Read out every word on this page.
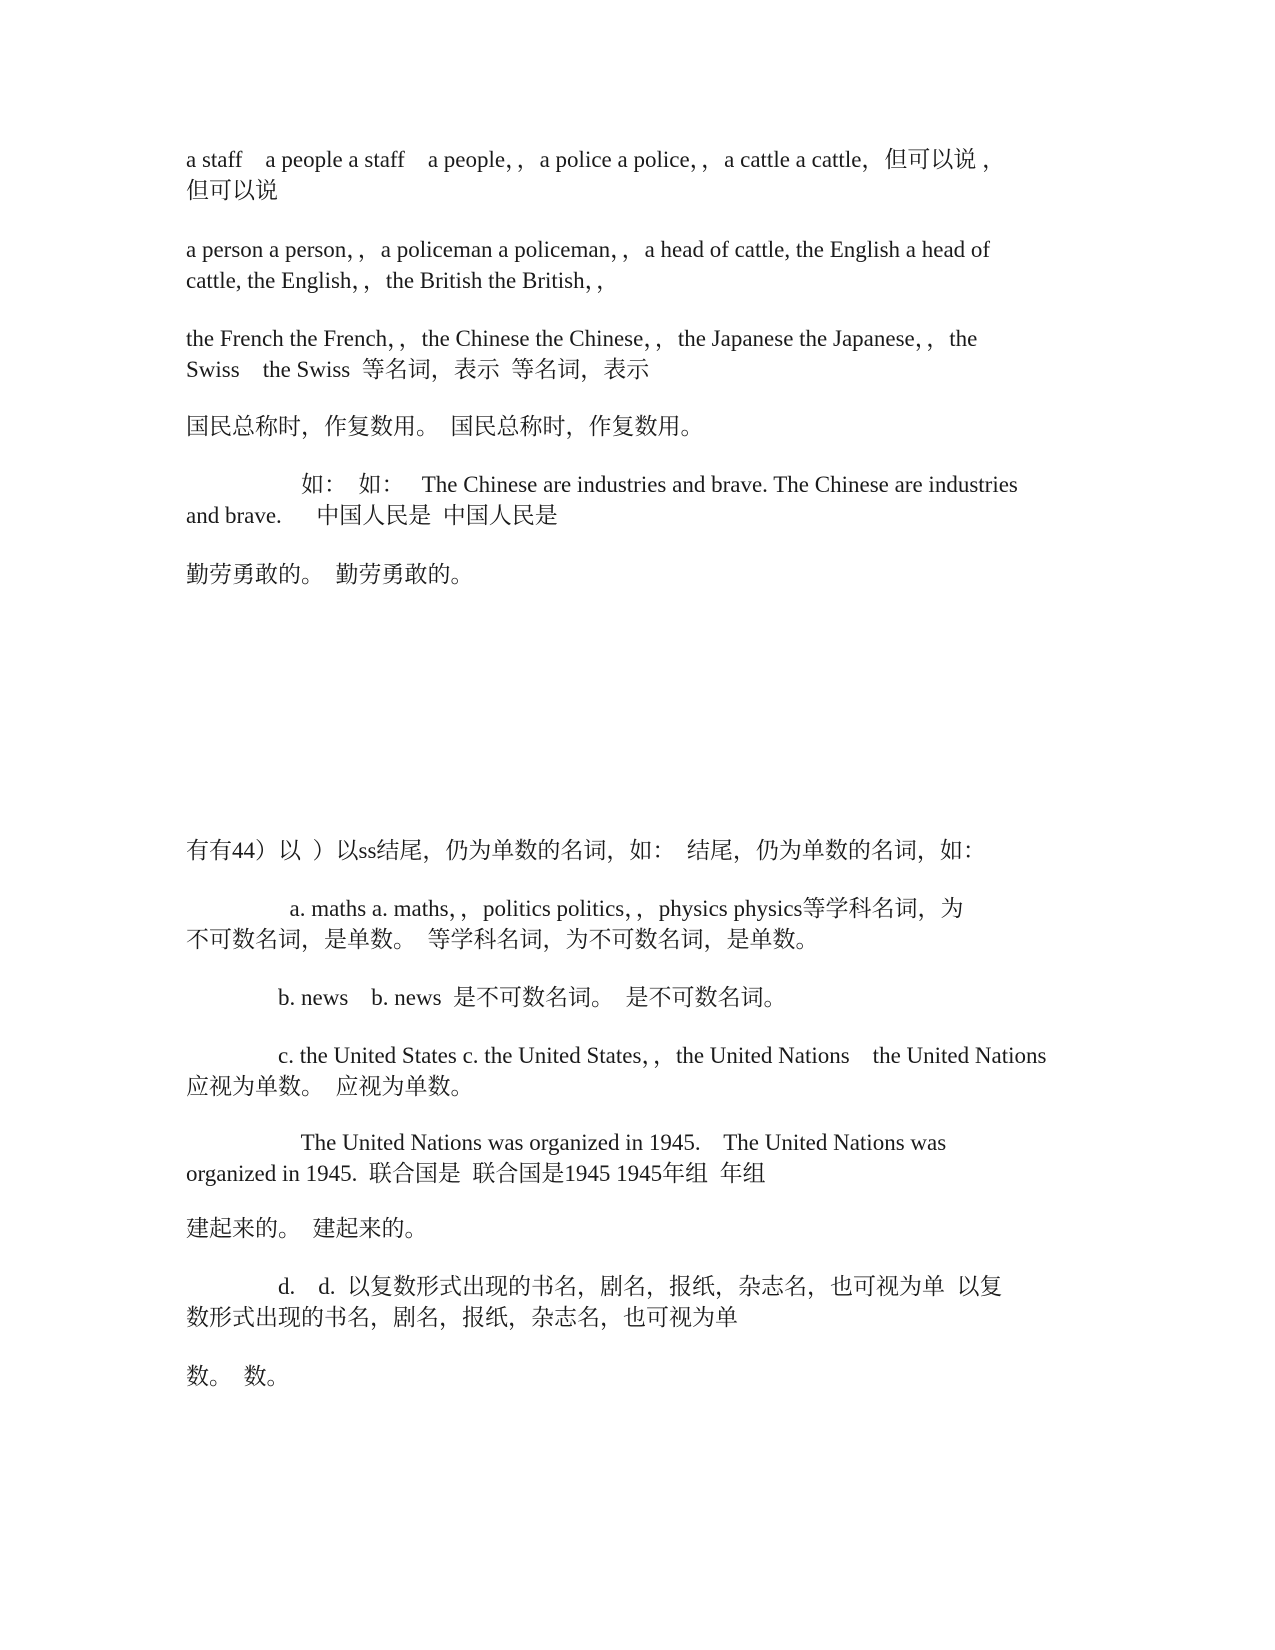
a staff    a people a staff    a people，，a police a police，，a cattle a cattle，但可以说 ，
但可以说

a person a person，，a policeman a policeman，，a head of cattle, the English a head of
cattle, the English，，the British the British，，

the French the French，，the Chinese the Chinese，，the Japanese the Japanese，，the
Swiss    the Swiss  等名词，表示  等名词，表示

国民总称时，作复数用。  国民总称时，作复数用。

如：  如：   The Chinese are industries and brave. The Chinese are industries
and brave.      中国人民是  中国人民是

勤劳勇敢的。  勤劳勇敢的。

有有44）以  ）以ss结尾，仍为单数的名词，如：  结尾，仍为单数的名词，如：

a. maths a. maths，，politics politics，，physics physics等学科名词，为
不可数名词，是单数。  等学科名词，为不可数名词，是单数。

b. news    b. news  是不可数名词。  是不可数名词。

c. the United States c. the United States，，the United Nations    the United Nations
应视为单数。  应视为单数。

The United Nations was organized in 1945.    The United Nations was
organized in 1945.  联合国是  联合国是1945 1945年组  年组

建起来的。  建起来的。

d.    d.  以复数形式出现的书名，剧名，报纸，杂志名，也可视为单  以复
数形式出现的书名，剧名，报纸，杂志名，也可视为单

数。  数。
